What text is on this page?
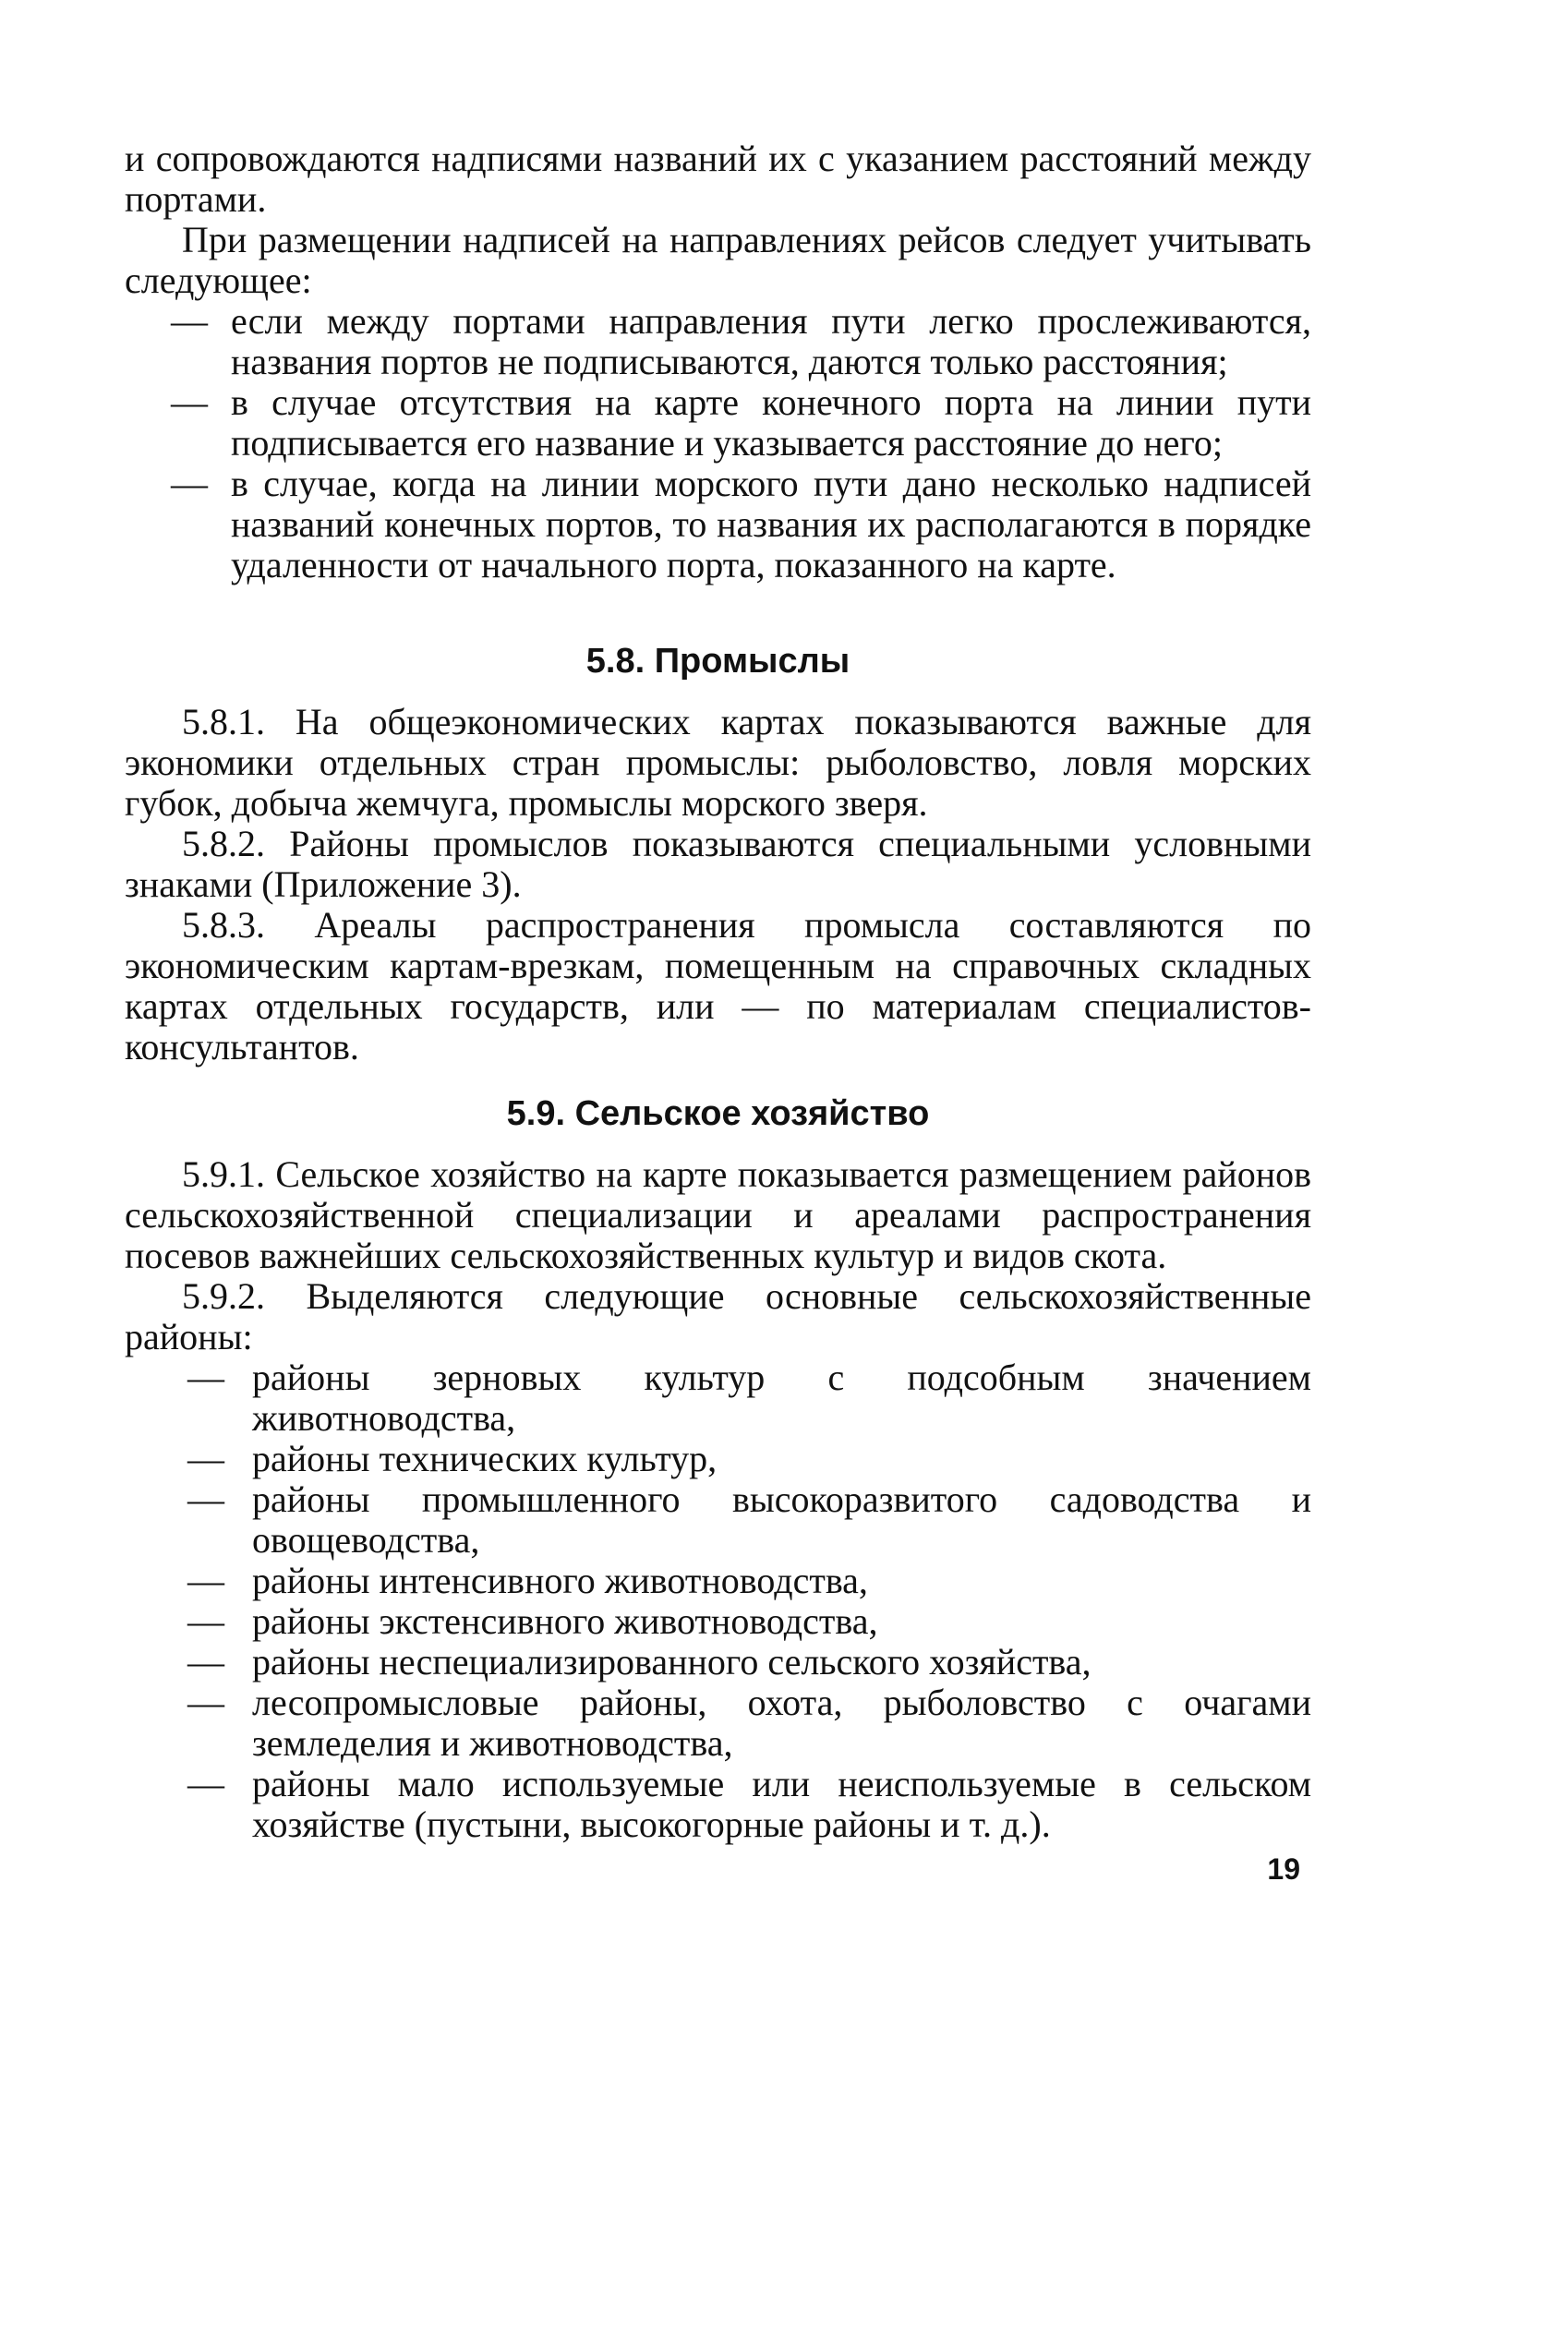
и сопровождаются надписями названий их с указанием расстояний между портами.

При размещении надписей на направлениях рейсов следует учитывать следующее:

— если между портами направления пути легко прослеживаются, названия портов не подписываются, даются только расстояния;
— в случае отсутствия на карте конечного порта на линии пути подписывается его название и указывается расстояние до него;
— в случае, когда на линии морского пути дано несколько надписей названий конечных портов, то названия их располагаются в порядке удаленности от начального порта, показанного на карте.
5.8. Промыслы

5.8.1. На общеэкономических картах показываются важные для экономики отдельных стран промыслы: рыболовство, ловля морских губок, добыча жемчуга, промыслы морского зверя.

5.8.2. Районы промыслов показываются специальными условными знаками (Приложение 3).

5.8.3. Ареалы распространения промысла составляются по экономическим картам-врезкам, помещенным на справочных складных картах отдельных государств, или — по материалам специалистов-консультантов.

5.9. Сельское хозяйство

5.9.1. Сельское хозяйство на карте показывается размещением районов сельскохозяйственной специализации и ареалами распространения посевов важнейших сельскохозяйственных культур и видов скота.

5.9.2. Выделяются следующие основные сельскохозяйственные районы:

— районы зерновых культур с подсобным значением животноводства,
— районы технических культур,
— районы промышленного высокоразвитого садоводства и овощеводства,
— районы интенсивного животноводства,
— районы экстенсивного животноводства,
— районы неспециализированного сельского хозяйства,
— лесопромысловые районы, охота, рыболовство с очагами земледелия и животноводства,
— районы мало используемые или неиспользуемые в сельском хозяйстве (пустыни, высокогорные районы и т. д.).
19
